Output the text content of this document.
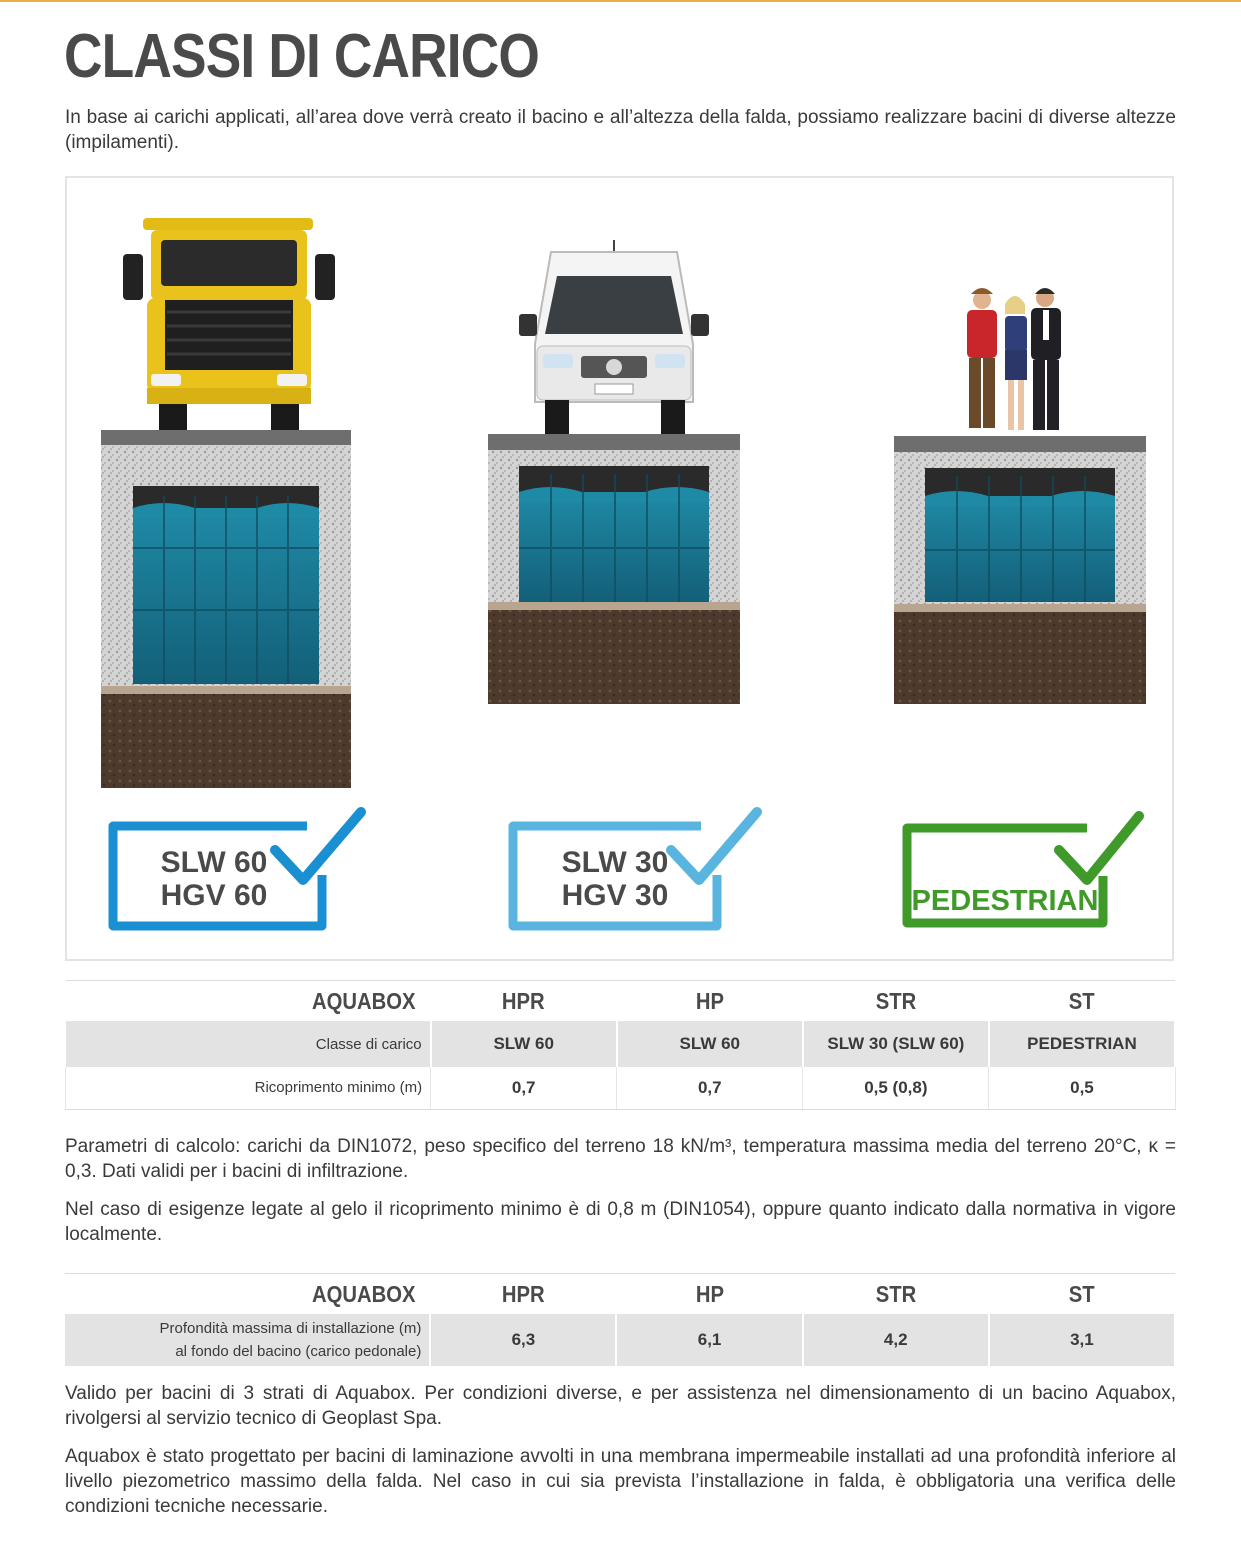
CLASSI DI CARICO

In base ai carichi applicati, all’area dove verrà creato il bacino e all’altezza della falda, possiamo realizzare bacini di diverse altezze (impilamenti).

SLW 60
HGV 60
SLW 30
HGV 30	PEDESTRIAN
AQUABOX	HPR	HP	STR	ST
Classe di carico	SLW 60	SLW 60	SLW 30 (SLW 60)	PEDESTRIAN
Ricoprimento minimo (m)	0,7	0,7	0,5 (0,8)	0,5

Parametri di calcolo: carichi da DIN1072, peso specifico del terreno 18 kN/m³, temperatura massima media del terreno 20°C, κ = 0,3. Dati validi per i bacini di infiltrazione.

Nel caso di esigenze legate al gelo il ricoprimento minimo è di 0,8 m (DIN1054), oppure quanto indicato dalla normativa in vigore localmente.

AQUABOX	HPR	HP	STR	ST
Profondità massima di installazione (m)
al fondo del bacino (carico pedonale)	6,3	6,1	4,2	3,1

Valido per bacini di 3 strati di Aquabox. Per condizioni diverse, e per assistenza nel dimensionamento di un bacino Aquabox, rivolgersi al servizio tecnico di Geoplast Spa.

Aquabox è stato progettato per bacini di laminazione avvolti in una membrana impermeabile installati ad una profondità inferiore al livello piezometrico massimo della falda. Nel caso in cui sia prevista l’installazione in falda, è obbligatoria una verifica delle condizioni tecniche necessarie.
